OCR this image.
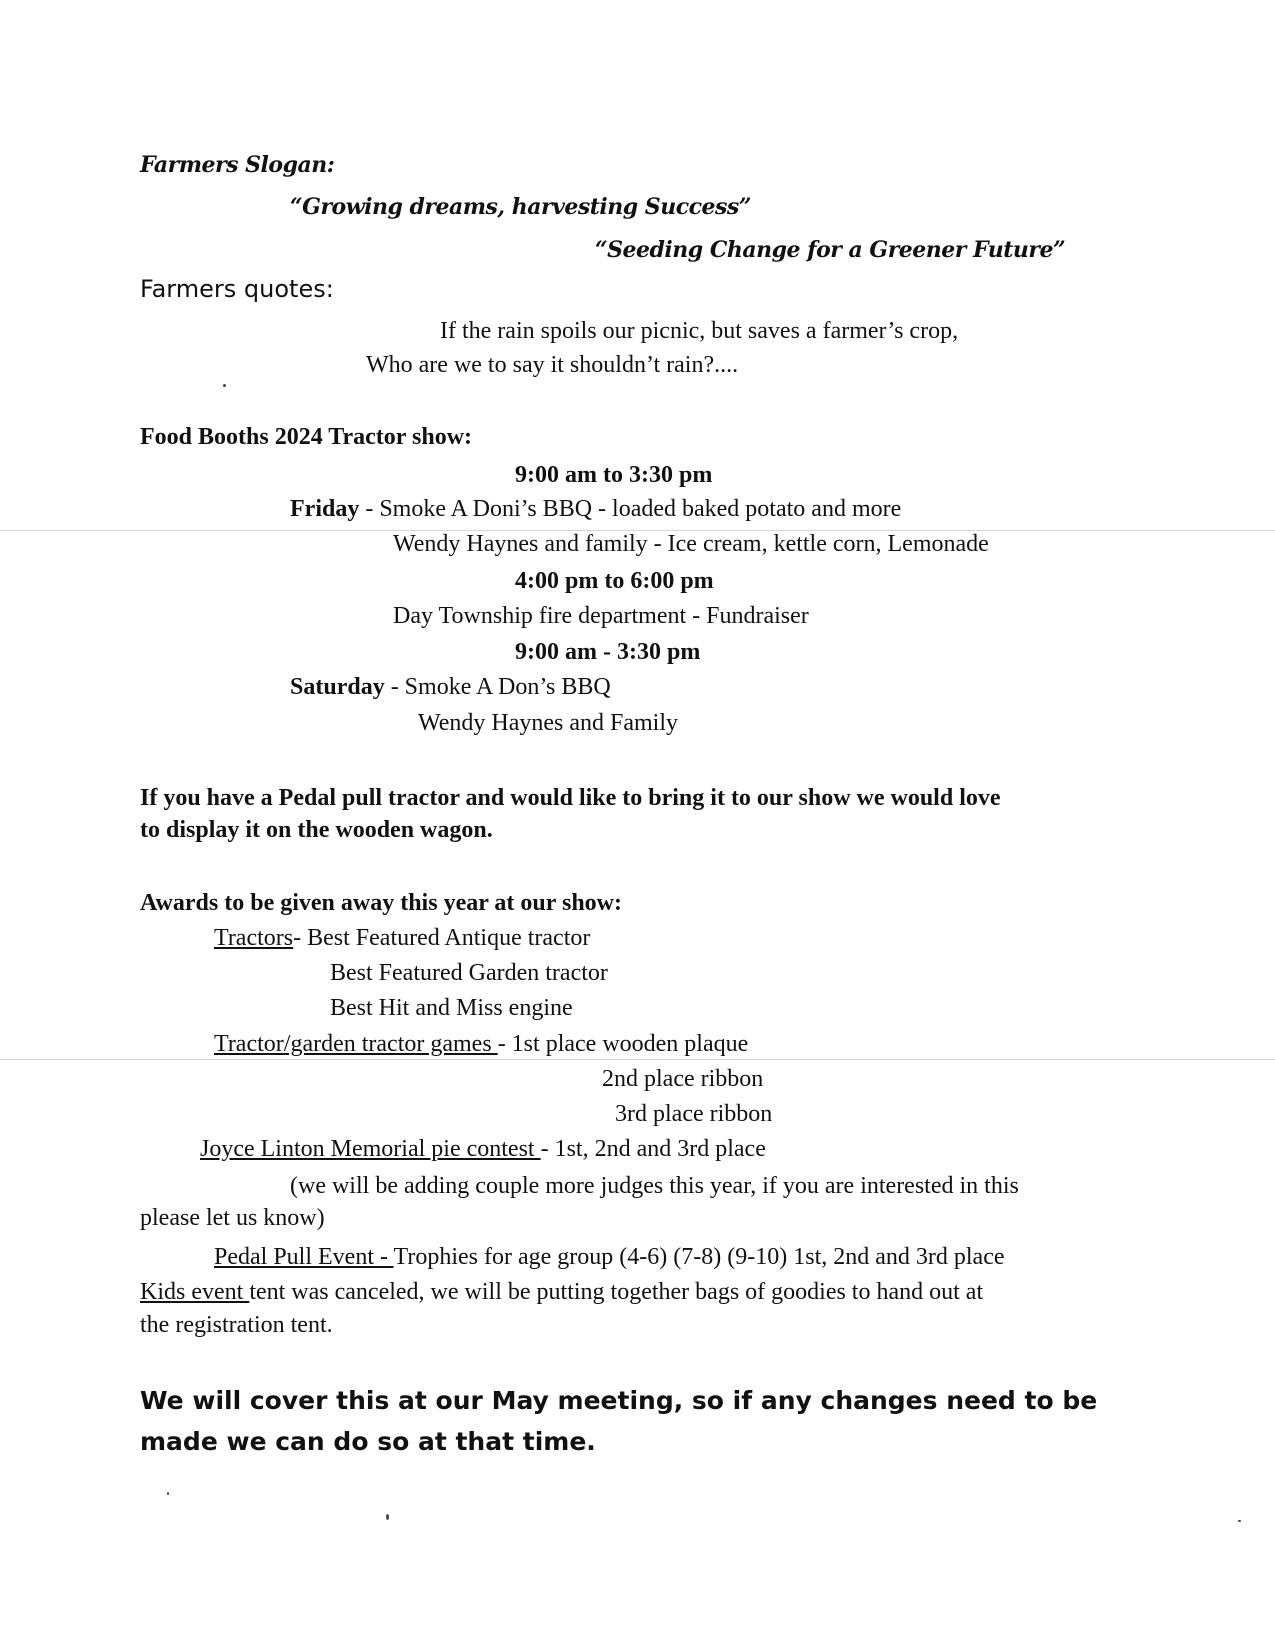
Farmers Slogan:
“Growing dreams, harvesting Success”
“Seeding Change for a Greener Future”
Farmers quotes:
If the rain spoils our picnic, but saves a farmer’s crop,
Who are we to say it shouldn’t rain?....
Food Booths 2024 Tractor show:
9:00 am to 3:30 pm
Friday - Smoke A Doni’s BBQ - loaded baked potato and more
Wendy Haynes and family - Ice cream, kettle corn, Lemonade
4:00 pm to 6:00 pm
Day Township fire department - Fundraiser
9:00 am - 3:30 pm
Saturday - Smoke A Don’s BBQ
Wendy Haynes and Family
If you have a Pedal pull tractor and would like to bring it to our show we would love
to display it on the wooden wagon.
Awards to be given away this year at our show:
Tractors- Best Featured Antique tractor
Best Featured Garden tractor
Best Hit and Miss engine
Tractor/garden tractor games - 1st place wooden plaque
2nd place ribbon
3rd place ribbon
Joyce Linton Memorial pie contest - 1st, 2nd and 3rd place
(we will be adding couple more judges this year, if you are interested in this
please let us know)
Pedal Pull Event - Trophies for age group (4-6) (7-8) (9-10) 1st, 2nd and 3rd place
Kids event tent was canceled, we will be putting together bags of goodies to hand out at
the registration tent.
We will cover this at our May meeting, so if any changes need to be
made we can do so at that time.
